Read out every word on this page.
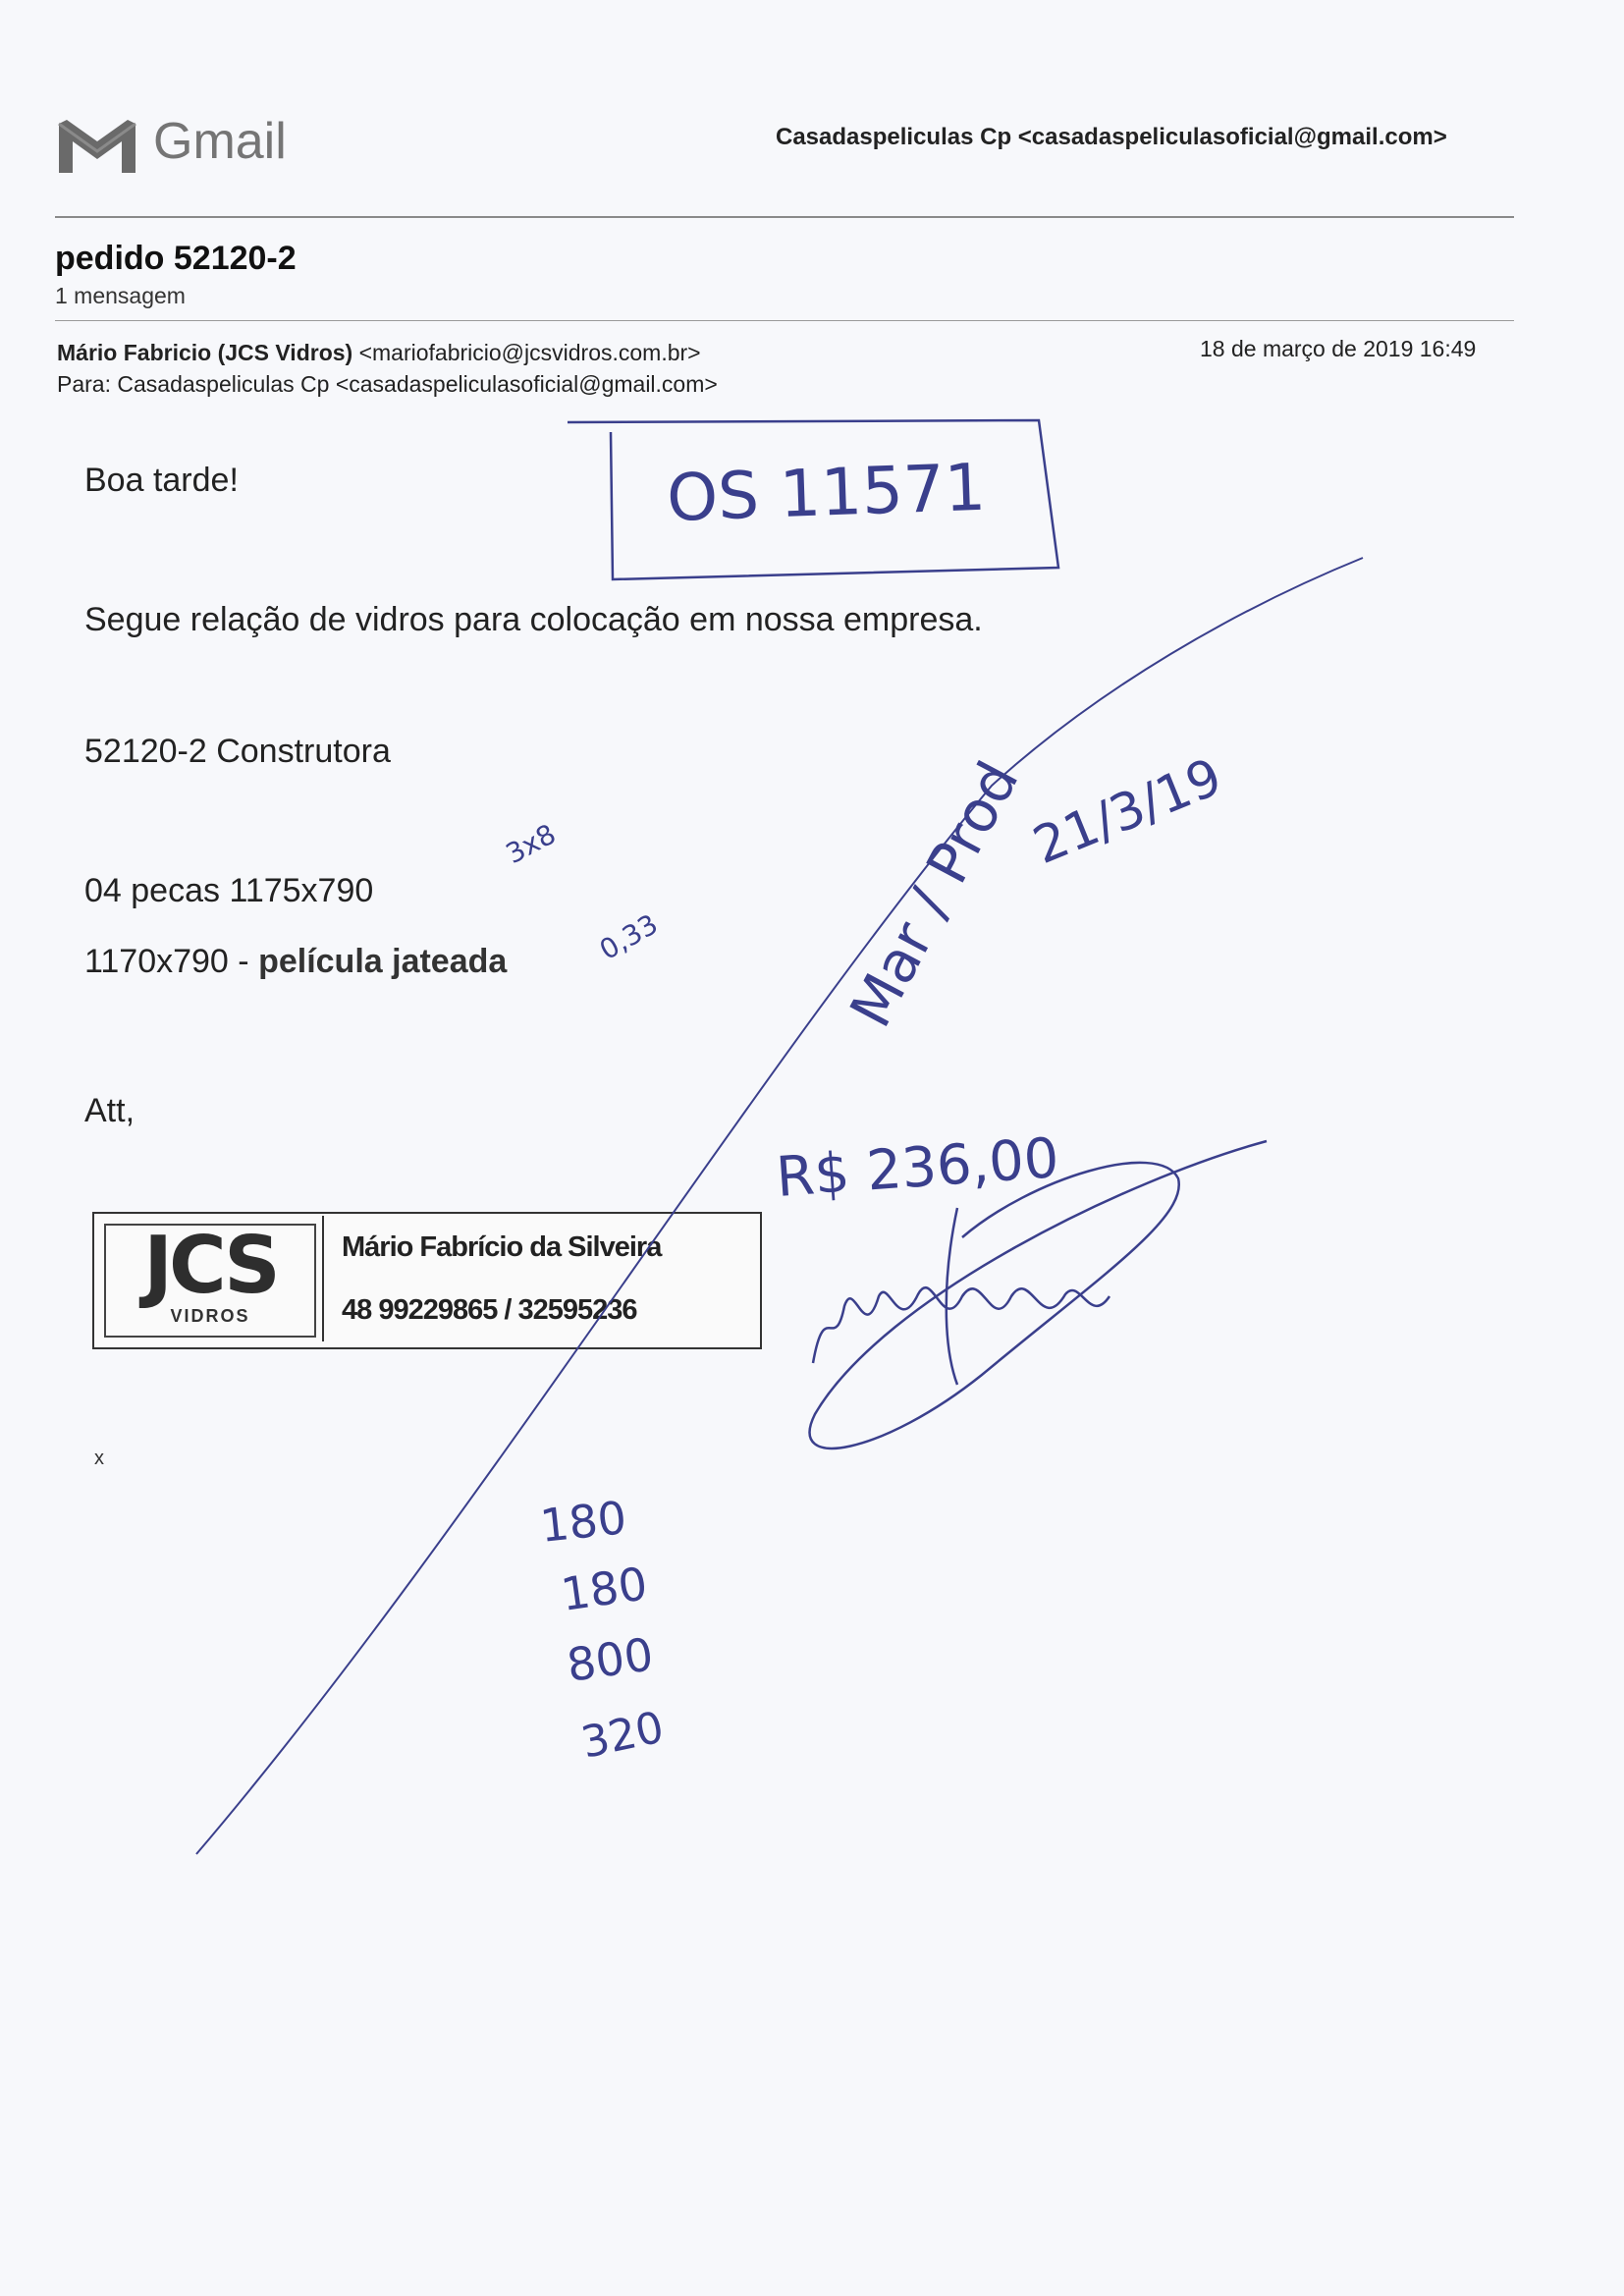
Gmail	Casadaspeliculas Cp <casadaspeliculasoficial@gmail.com>
pedido 52120-2
1 mensagem
Mário Fabricio (JCS Vidros) <mariofabricio@jcsvidros.com.br>
Para: Casadaspeliculas Cp <casadaspeliculasoficial@gmail.com>
18 de março de 2019 16:49
Boa tarde!
Segue relação de vidros para colocação em nossa empresa.
52120-2 Construtora
04 pecas 1175x790
1170x790 - película jateada
Att,
JCS
VIDROS
Mário Fabrício da Silveira
48 99229865 / 32595236
x
OS 11571
3x8
0,33	Mar / Prod
21/3/19
R$ 236,00
180
180
800
320
